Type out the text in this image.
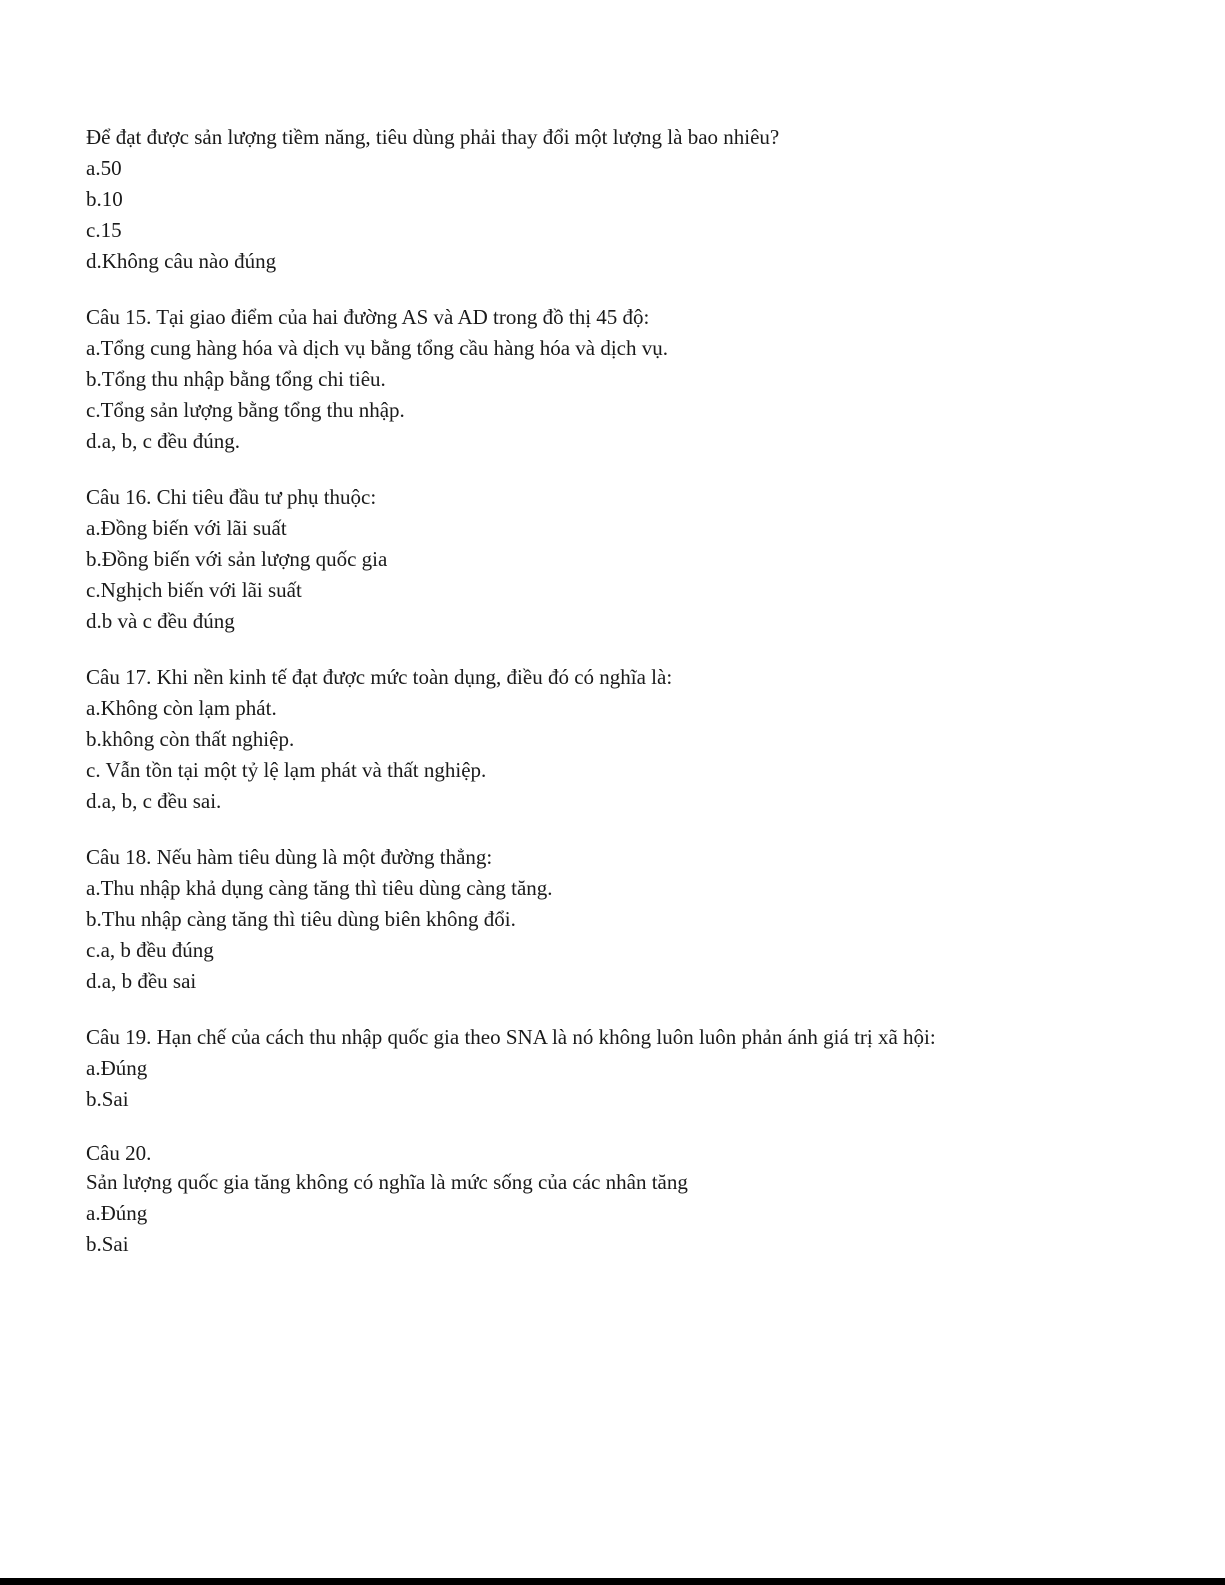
Để đạt được sản lượng tiềm năng, tiêu dùng phải thay đổi một lượng là bao nhiêu?
a.50
b.10
c.15
d.Không câu nào đúng
Câu 15. Tại giao điểm của hai đường AS và AD trong đồ thị 45 độ:
a.Tổng cung hàng hóa và dịch vụ bằng tổng cầu hàng hóa và dịch vụ.
b.Tổng thu nhập bằng tổng chi tiêu.
c.Tổng sản lượng bằng tổng thu nhập.
d.a, b, c đều đúng.
Câu 16. Chi tiêu đầu tư phụ thuộc:
a.Đồng biến với lãi suất
b.Đồng biến với sản lượng quốc gia
c.Nghịch biến với lãi suất
d.b và c đều đúng
Câu 17. Khi nền kinh tế đạt được mức toàn dụng, điều đó có nghĩa là:
a.Không còn lạm phát.
b.không còn thất nghiệp.
c. Vẫn tồn tại một tỷ lệ lạm phát và thất nghiệp.
d.a, b, c đều sai.
Câu 18. Nếu hàm tiêu dùng là một đường thẳng:
a.Thu nhập khả dụng càng tăng thì tiêu dùng càng tăng.
b.Thu nhập càng tăng thì tiêu dùng biên không đổi.
c.a, b đều đúng
d.a, b đều sai
Câu 19. Hạn chế của cách thu nhập quốc gia theo SNA là nó không luôn luôn phản ánh giá trị xã hội:
a.Đúng
b.Sai
Câu 20.
Sản lượng quốc gia tăng không có nghĩa là mức sống của các nhân tăng
a.Đúng
b.Sai
